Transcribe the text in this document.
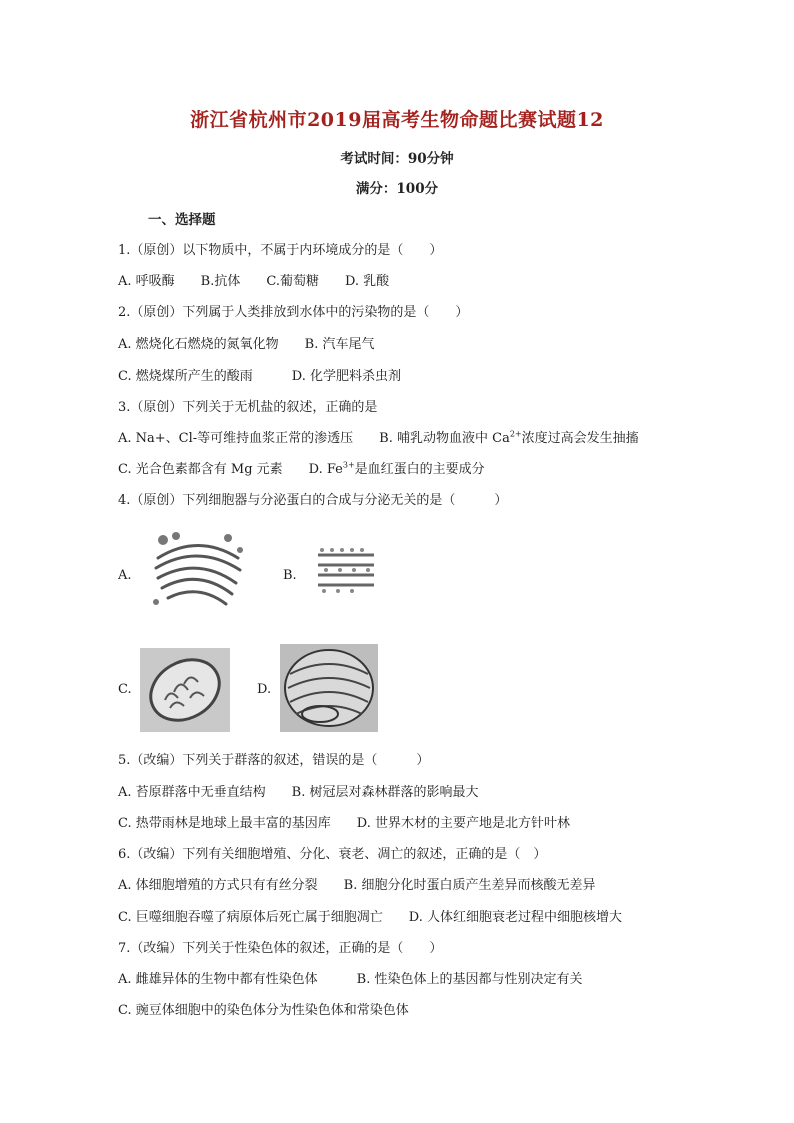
浙江省杭州市2019届高考生物命题比赛试题12
考试时间：90分钟
满分：100分
一、选择题
1.（原创）以下物质中，不属于内环境成分的是（　　）
A. 呼吸酶　　B.抗体　　C.葡萄糖　　D. 乳酸
2.（原创）下列属于人类排放到水体中的污染物的是（　　）
A. 燃烧化石燃烧的氮氧化物　　B. 汽车尾气
C. 燃烧煤所产生的酸雨　　　D. 化学肥料杀虫剂
3.（原创）下列关于无机盐的叙述，正确的是
A. Na+、Cl-等可维持血浆正常的渗透压　　B. 哺乳动物血液中 $Ca^{2+}$浓度过高会发生抽搐
C. 光合色素都含有 Mg 元素　　D. $Fe^{3+}$是血红蛋白的主要成分
4.（原创）下列细胞器与分泌蛋白的合成与分泌无关的是（　　　）
A.	B.
C.	D.
5.（改编）下列关于群落的叙述，错误的是（　　　）
A. 苔原群落中无垂直结构　　B. 树冠层对森林群落的影响最大
C. 热带雨林是地球上最丰富的基因库　　D. 世界木材的主要产地是北方针叶林
6.（改编）下列有关细胞增殖、分化、衰老、凋亡的叙述，正确的是（　）
A. 体细胞增殖的方式只有有丝分裂　　B. 细胞分化时蛋白质产生差异而核酸无差异
C. 巨噬细胞吞噬了病原体后死亡属于细胞凋亡　　D. 人体红细胞衰老过程中细胞核增大
7.（改编）下列关于性染色体的叙述，正确的是（　　）
A. 雌雄异体的生物中都有性染色体　　　B. 性染色体上的基因都与性别决定有关
C. 豌豆体细胞中的染色体分为性染色体和常染色体
